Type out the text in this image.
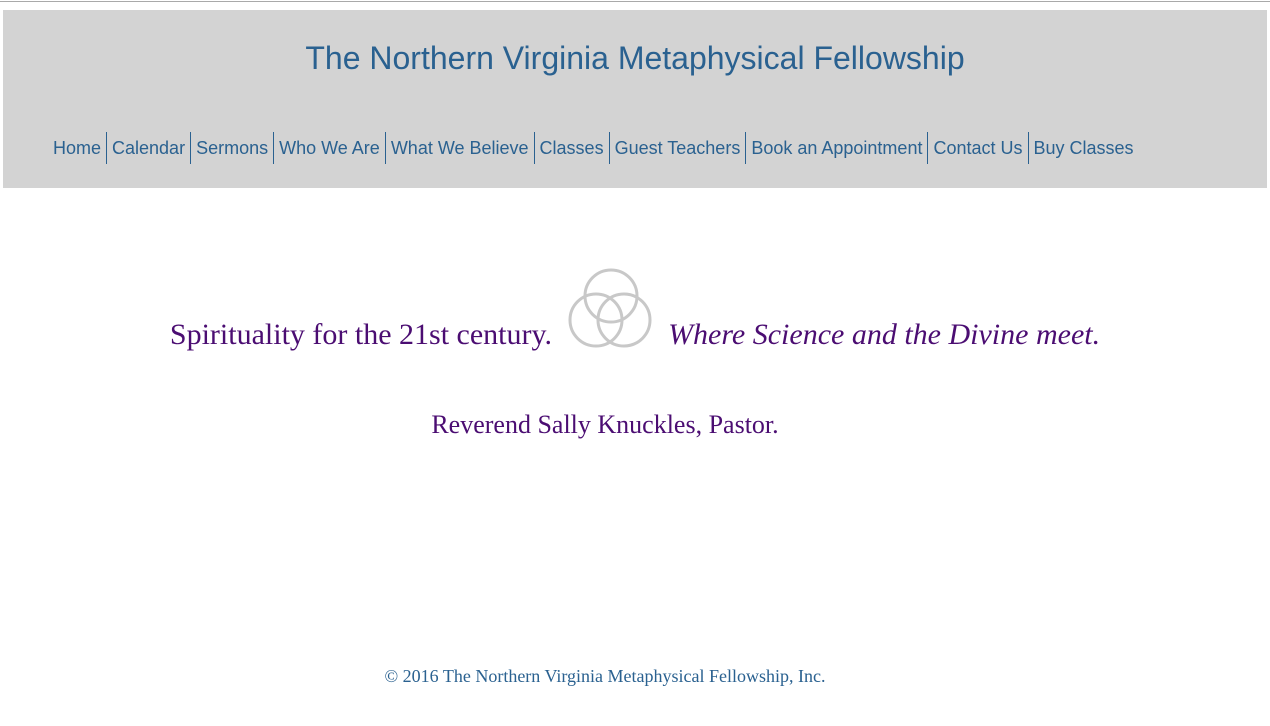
The Northern Virginia Metaphysical Fellowship
Home Calendar Sermons Who We Are What We Believe Classes Guest Teachers Book an Appointment Contact Us Buy Classes
Spirituality for the 21st century.	Where Science and the Divine meet.
Reverend Sally Knuckles, Pastor.
© 2016 The Northern Virginia Metaphysical Fellowship, Inc.
